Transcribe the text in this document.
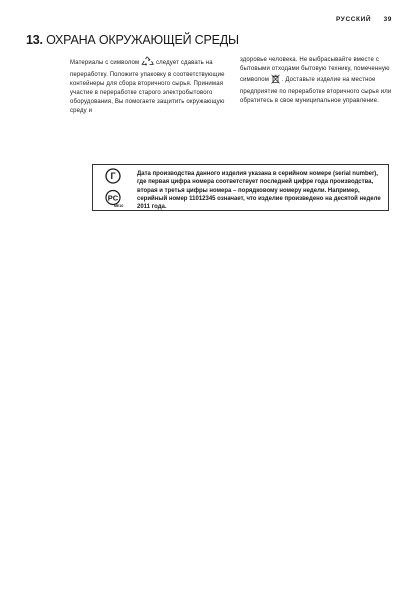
РУССКИЙ 39
13. ОХРАНА ОКРУЖАЮЩЕЙ СРЕДЫ

Материалы с символом	следует сдавать на переработку. Положите упаковку в соответствующие контейнеры для сбора вторичного сырья. Принимая участие в переработке старого электробытового оборудования, Вы помогаете защитить окружающую среду и

здоровье человека. Не выбрасывайте вместе с бытовыми отходами бытовую технику, помеченную символом . Доставьте изделие на местное предприятие по переработке вторичного сырья или обратитесь в свое муниципальное управление.

Г

PC
МЕ10
Дата производства данного изделия указана в серийном номере (serial number), где первая цифра номера соответствует последней цифре года производства, вторая и третья цифры номера – порядковому номеру недели. Например, серийный номер 11012345 означает, что изделие произведено на десятой неделе 2011 года.
